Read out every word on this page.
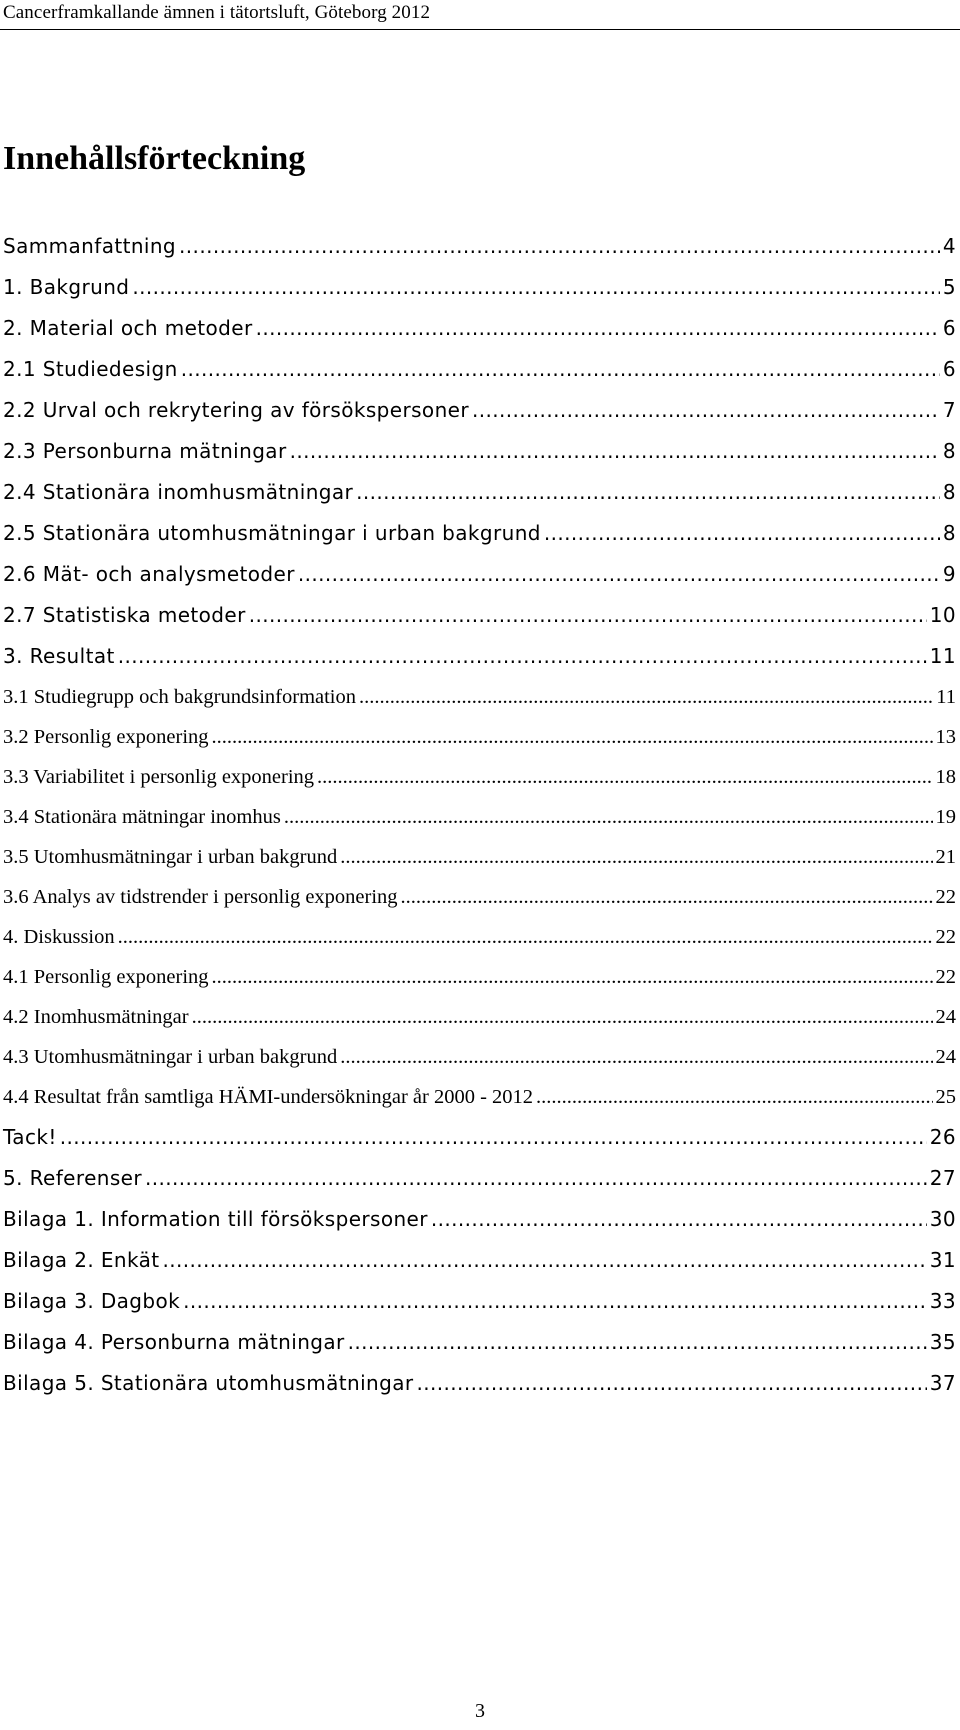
Cancerframkallande ämnen i tätortsluft, Göteborg 2012
Innehållsförteckning
Sammanfattning .....	4
1. Bakgrund .....	5
2. Material och metoder .....	6
2.1 Studiedesign .....	6
2.2 Urval och rekrytering av försökspersoner .....	7
2.3 Personburna mätningar .....	8
2.4 Stationära inomhusmätningar .....	8
2.5 Stationära utomhusmätningar i urban bakgrund .....	8
2.6 Mät- och analysmetoder .....	9
2.7 Statistiska metoder .....	10
3. Resultat .....	11
3.1 Studiegrupp och bakgrundsinformation .....	11
3.2 Personlig exponering .....	13
3.3 Variabilitet i personlig exponering .....	18
3.4 Stationära mätningar inomhus .....	19
3.5 Utomhusmätningar i urban bakgrund .....	21
3.6 Analys av tidstrender i personlig exponering .....	22
4. Diskussion .....	22
4.1 Personlig exponering .....	22
4.2 Inomhusmätningar .....	24
4.3 Utomhusmätningar i urban bakgrund .....	24
4.4 Resultat från samtliga HÄMI-undersökningar år 2000 - 2012 .....	25
Tack! .....	26
5. Referenser .....	27
Bilaga 1. Information till försökspersoner .....	30
Bilaga 2. Enkät .....	31
Bilaga 3. Dagbok .....	33
Bilaga 4. Personburna mätningar .....	35
Bilaga 5. Stationära utomhusmätningar .....	37
3
